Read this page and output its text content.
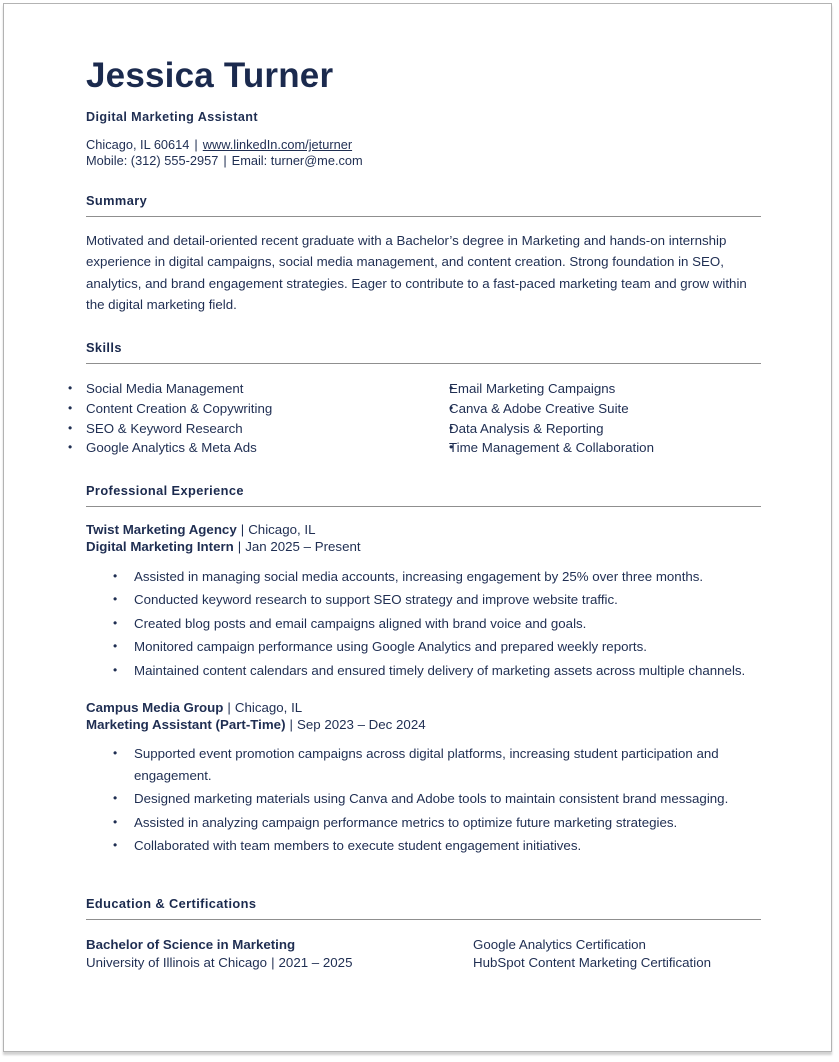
Jessica Turner
Digital Marketing Assistant
Chicago, IL 60614 | www.linkedIn.com/jeturner
Mobile: (312) 555-2957 | Email: turner@me.com
Summary

Motivated and detail-oriented recent graduate with a Bachelor’s degree in Marketing and hands-on internship experience in digital campaigns, social media management, and content creation. Strong foundation in SEO, analytics, and brand engagement strategies. Eager to contribute to a fast-paced marketing team and grow within the digital marketing field.

Skills
• Social Media Management
• Content Creation & Copywriting
• SEO & Keyword Research
• Google Analytics & Meta Ads
• Email Marketing Campaigns
• Canva & Adobe Creative Suite
• Data Analysis & Reporting
• Time Management & Collaboration
Professional Experience
Twist Marketing Agency | Chicago, IL
Digital Marketing Intern | Jan 2025 – Present
• Assisted in managing social media accounts, increasing engagement by 25% over three months.
• Conducted keyword research to support SEO strategy and improve website traffic.
• Created blog posts and email campaigns aligned with brand voice and goals.
• Monitored campaign performance using Google Analytics and prepared weekly reports.
• Maintained content calendars and ensured timely delivery of marketing assets across multiple channels.
Campus Media Group | Chicago, IL
Marketing Assistant (Part-Time) | Sep 2023 – Dec 2024
• Supported event promotion campaigns across digital platforms, increasing student participation and engagement.
• Designed marketing materials using Canva and Adobe tools to maintain consistent brand messaging.
• Assisted in analyzing campaign performance metrics to optimize future marketing strategies.
• Collaborated with team members to execute student engagement initiatives.
Education & Certifications
Bachelor of Science in Marketing
University of Illinois at Chicago | 2021 – 2025
Google Analytics Certification
HubSpot Content Marketing Certification
